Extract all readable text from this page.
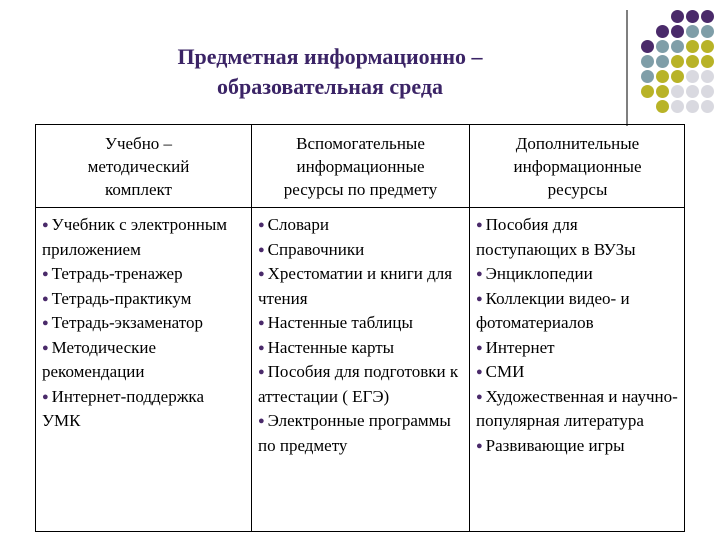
Предметная информационно –
образовательная среда
Учебно –
методический
комплект
● Учебник с электронным приложением
● Тетрадь-тренажер
● Тетрадь-практикум
● Тетрадь-экзаменатор
● Методические рекомендации
● Интернет-поддержка УМК
Вспомогательные
информационные
ресурсы по предмету
● Словари
● Справочники
● Хрестоматии и книги для чтения
● Настенные таблицы
● Настенные карты
● Пособия для подготовки к аттестации ( ЕГЭ)
● Электронные программы по предмету
Дополнительные
информационные
ресурсы
● Пособия для поступающих в ВУЗы
● Энциклопедии
● Коллекции видео- и фотоматериалов
● Интернет
● СМИ
● Художественная и научно-популярная литература
● Развивающие игры
